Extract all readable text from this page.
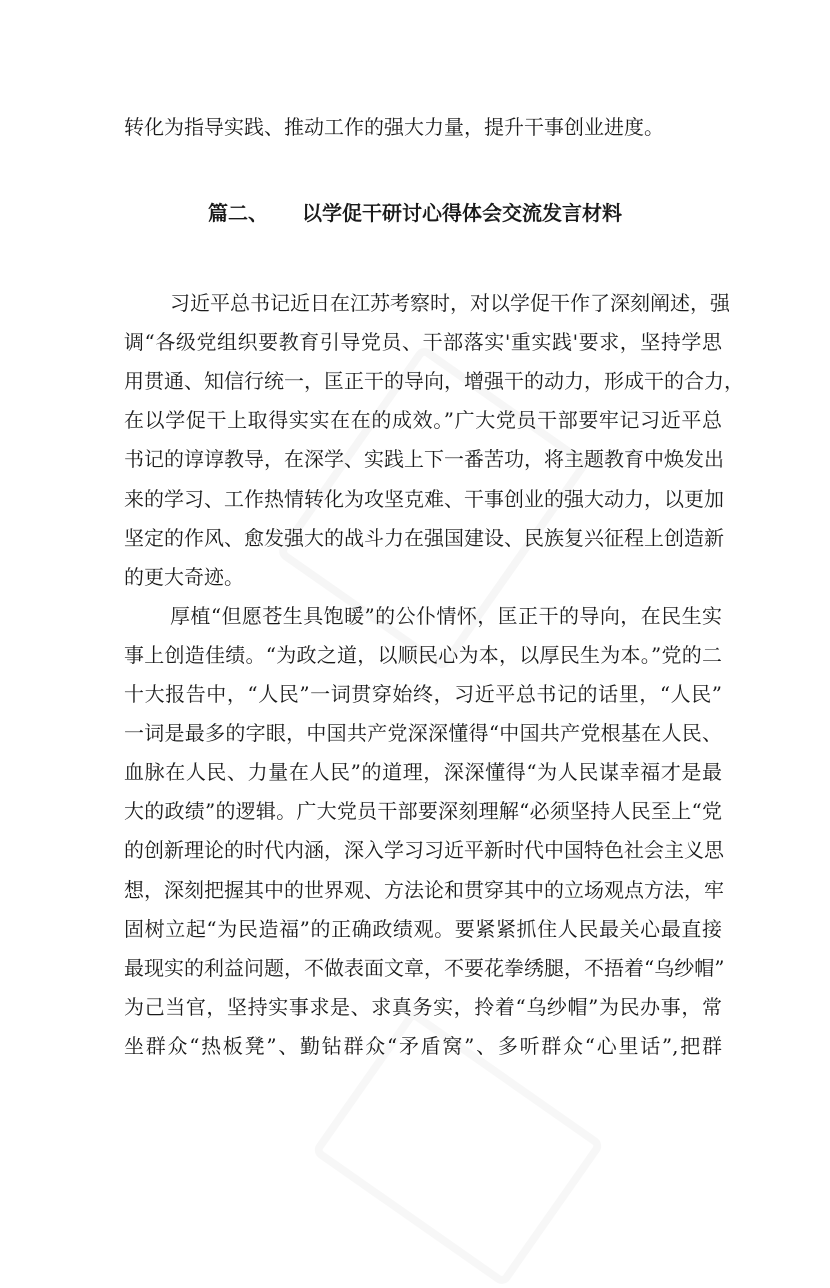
转化为指导实践、推动工作的强大力量，提升干事创业进度。
篇二、 以学促干研讨心得体会交流发言材料
习近平总书记近日在江苏考察时，对以学促干作了深刻阐述，强
调“各级党组织要教育引导党员、干部落实'重实践'要求，坚持学思
用贯通、知信行统一，匡正干的导向，增强干的动力，形成干的合力，
在以学促干上取得实实在在的成效。”广大党员干部要牢记习近平总
书记的谆谆教导，在深学、实践上下一番苦功，将主题教育中焕发出
来的学习、工作热情转化为攻坚克难、干事创业的强大动力，以更加
坚定的作风、愈发强大的战斗力在强国建设、民族复兴征程上创造新
的更大奇迹。
厚植“但愿苍生具饱暖”的公仆情怀，匡正干的导向，在民生实
事上创造佳绩。“为政之道，以顺民心为本，以厚民生为本。”党的二
十大报告中，“人民”一词贯穿始终，习近平总书记的话里，“人民”
一词是最多的字眼，中国共产党深深懂得“中国共产党根基在人民、
血脉在人民、力量在人民”的道理，深深懂得“为人民谋幸福才是最
大的政绩”的逻辑。广大党员干部要深刻理解“必须坚持人民至上“党
的创新理论的时代内涵，深入学习习近平新时代中国特色社会主义思
想，深刻把握其中的世界观、方法论和贯穿其中的立场观点方法，牢
固树立起“为民造福”的正确政绩观。要紧紧抓住人民最关心最直接
最现实的利益问题，不做表面文章，不要花拳绣腿，不捂着“乌纱帽”
为己当官，坚持实事求是、求真务实，拎着“乌纱帽”为民办事，常
坐群众“热板凳”、勤钻群众“矛盾窝”、多听群众“心里话”,把群
